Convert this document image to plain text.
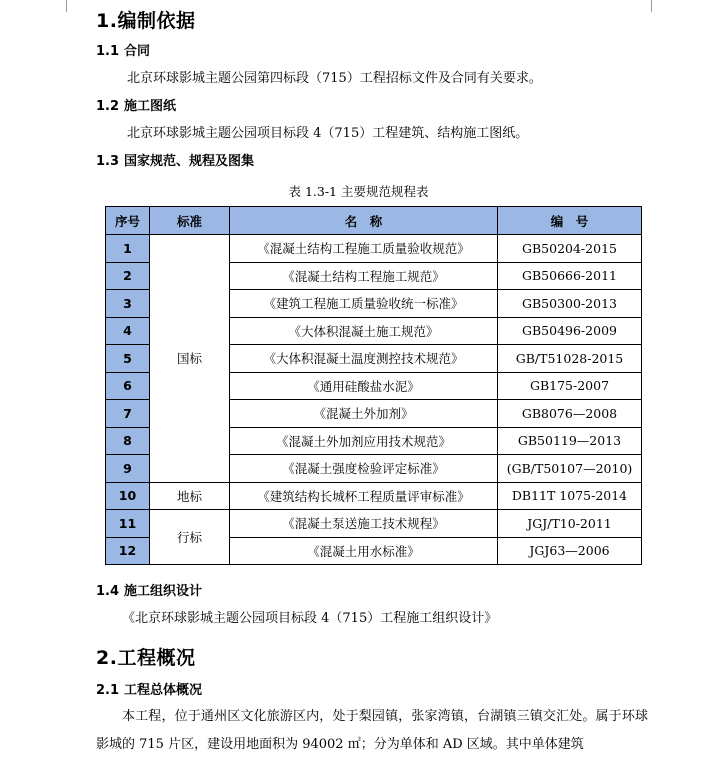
1.编制依据
1.1 合同
北京环球影城主题公园第四标段（715）工程招标文件及合同有关要求。
1.2 施工图纸
北京环球影城主题公园项目标段 4（715）工程建筑、结构施工图纸。
1.3 国家规范、规程及图集
表 1.3-1 主要规范规程表
序号	标准	名　称	编　号
1	国标	《混凝土结构工程施工质量验收规范》	GB50204-2015
2		《混凝土结构工程施工规范》	GB50666-2011
3		《建筑工程施工质量验收统一标准》	GB50300-2013
4		《大体积混凝土施工规范》	GB50496-2009
5		《大体积混凝土温度测控技术规范》	GB/T51028-2015
6		《通用硅酸盐水泥》	GB175-2007
7		《混凝土外加剂》	GB8076—2008
8		《混凝土外加剂应用技术规范》	GB50119—2013
9		《混凝土强度检验评定标准》	(GB/T50107—2010)
10	地标	《建筑结构长城杯工程质量评审标准》	DB11T 1075-2014
11	行标	《混凝土泵送施工技术规程》	JGJ/T10-2011
12		《混凝土用水标准》	JGJ63—2006
1.4 施工组织设计
《北京环球影城主题公园项目标段 4（715）工程施工组织设计》
2.工程概况
2.1 工程总体概况
本工程，位于通州区文化旅游区内，处于梨园镇，张家湾镇，台湖镇三镇交汇处。属于环球影城的 715 片区，建设用地面积为 94002 ㎡；分为单体和 AD 区域。其中单体建筑
